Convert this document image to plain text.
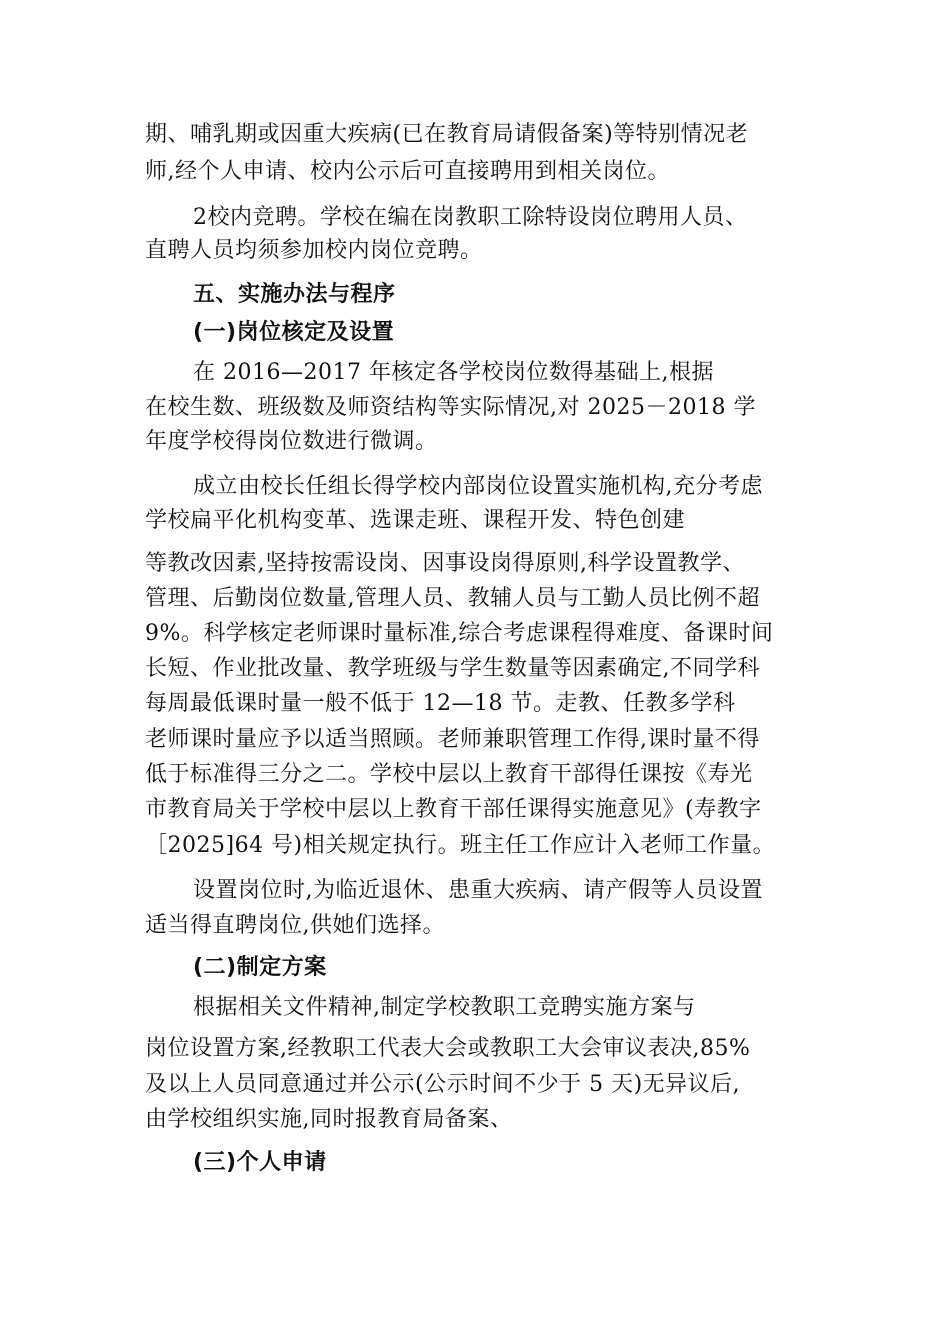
期、哺乳期或因重大疾病(已在教育局请假备案)等特别情况老
师,经个人申请、校内公示后可直接聘用到相关岗位。
2校内竞聘。学校在编在岗教职工除特设岗位聘用人员、
直聘人员均须参加校内岗位竞聘。
五、实施办法与程序
(一)岗位核定及设置
在 2016—2017 年核定各学校岗位数得基础上,根据
在校生数、班级数及师资结构等实际情况,对 2025－2018 学
年度学校得岗位数进行微调。
成立由校长任组长得学校内部岗位设置实施机构,充分考虑
学校扁平化机构变革、选课走班、课程开发、特色创建
等教改因素,坚持按需设岗、因事设岗得原则,科学设置教学、
管理、后勤岗位数量,管理人员、教辅人员与工勤人员比例不超
9%。科学核定老师课时量标准,综合考虑课程得难度、备课时间
长短、作业批改量、教学班级与学生数量等因素确定,不同学科
每周最低课时量一般不低于 12—18 节。走教、任教多学科
老师课时量应予以适当照顾。老师兼职管理工作得,课时量不得
低于标准得三分之二。学校中层以上教育干部得任课按《寿光
市教育局关于学校中层以上教育干部任课得实施意见》(寿教字
［2025]64 号)相关规定执行。班主任工作应计入老师工作量。
设置岗位时,为临近退休、患重大疾病、请产假等人员设置
适当得直聘岗位,供她们选择。
(二)制定方案
根据相关文件精神,制定学校教职工竞聘实施方案与
岗位设置方案,经教职工代表大会或教职工大会审议表决,85%
及以上人员同意通过并公示(公示时间不少于 5 天)无异议后,
由学校组织实施,同时报教育局备案、
(三)个人申请
